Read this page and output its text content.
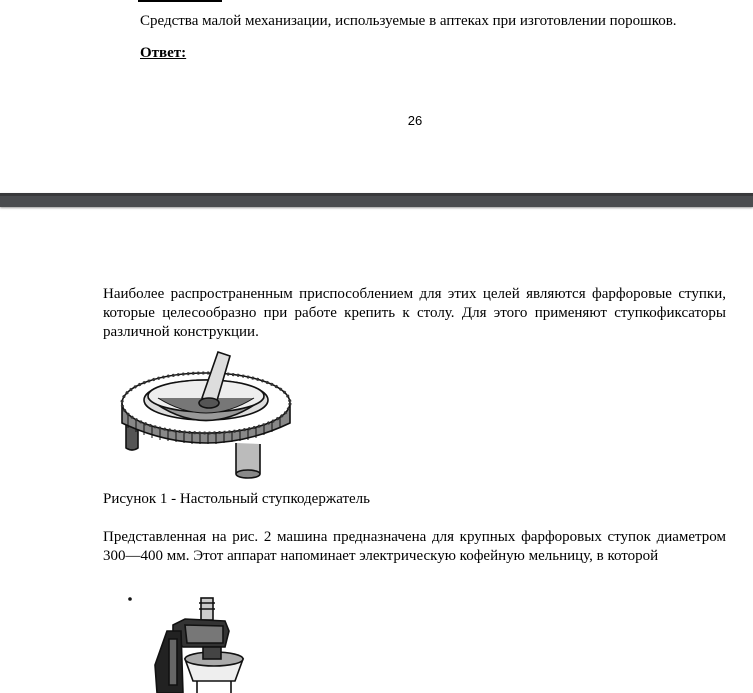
Средства малой механизации, используемые в аптеках при изготовлении порошков.
Ответ:
26
Наиболее распространенным приспособлением для этих целей являются фарфоровые ступки, которые целесообразно при работе крепить к столу. Для этого применяют ступкофиксаторы различной конструкции.
Рисунок 1 - Настольный ступкодержатель
Представленная на рис. 2 машина предназначена для крупных фарфоровых ступок диаметром 300—400 мм. Этот аппарат напоминает электрическую кофейную мельницу, в которой
